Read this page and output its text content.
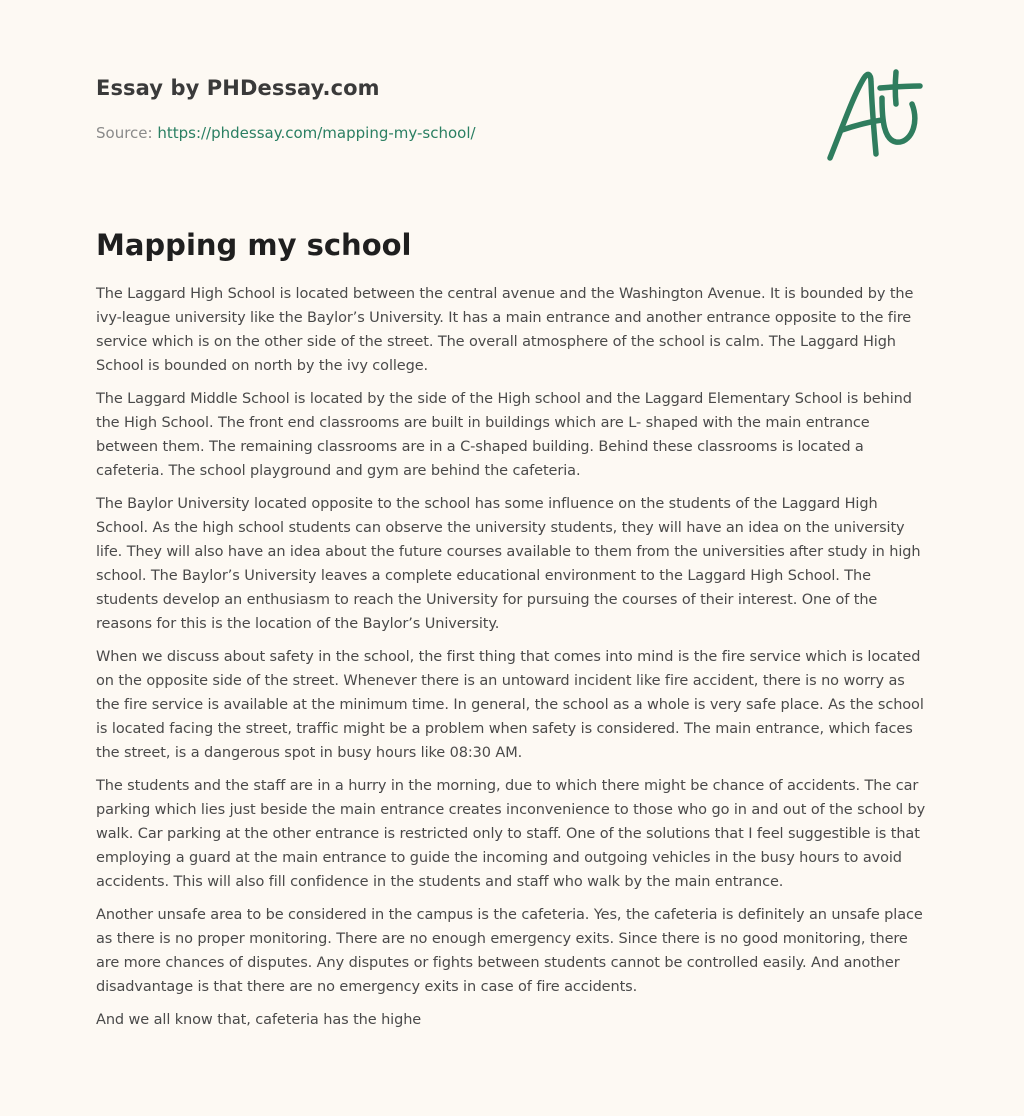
Essay by PHDessay.com
Source: https://phdessay.com/mapping-my-school/
Mapping my school

The Laggard High School is located between the central avenue and the Washington Avenue. It is bounded by the ivy-league university like the Baylor’s University. It has a main entrance and another entrance opposite to the fire service which is on the other side of the street. The overall atmosphere of the school is calm. The Laggard High School is bounded on north by the ivy college.

The Laggard Middle School is located by the side of the High school and the Laggard Elementary School is behind the High School. The front end classrooms are built in buildings which are L- shaped with the main entrance between them. The remaining classrooms are in a C-shaped building. Behind these classrooms is located a cafeteria. The school playground and gym are behind the cafeteria.

The Baylor University located opposite to the school has some influence on the students of the Laggard High School. As the high school students can observe the university students, they will have an idea on the university life. They will also have an idea about the future courses available to them from the universities after study in high school. The Baylor’s University leaves a complete educational environment to the Laggard High School. The students develop an enthusiasm to reach the University for pursuing the courses of their interest. One of the reasons for this is the location of the Baylor’s University.

When we discuss about safety in the school, the first thing that comes into mind is the fire service which is located on the opposite side of the street. Whenever there is an untoward incident like fire accident, there is no worry as the fire service is available at the minimum time. In general, the school as a whole is very safe place. As the school is located facing the street, traffic might be a problem when safety is considered. The main entrance, which faces the street, is a dangerous spot in busy hours like 08:30 AM.

The students and the staff are in a hurry in the morning, due to which there might be chance of accidents. The car parking which lies just beside the main entrance creates inconvenience to those who go in and out of the school by walk. Car parking at the other entrance is restricted only to staff. One of the solutions that I feel suggestible is that employing a guard at the main entrance to guide the incoming and outgoing vehicles in the busy hours to avoid accidents. This will also fill confidence in the students and staff who walk by the main entrance.

Another unsafe area to be considered in the campus is the cafeteria. Yes, the cafeteria is definitely an unsafe place as there is no proper monitoring. There are no enough emergency exits. Since there is no good monitoring, there are more chances of disputes. Any disputes or fights between students cannot be controlled easily. And another disadvantage is that there are no emergency exits in case of fire accidents.

And we all know that, cafeteria has the highe
